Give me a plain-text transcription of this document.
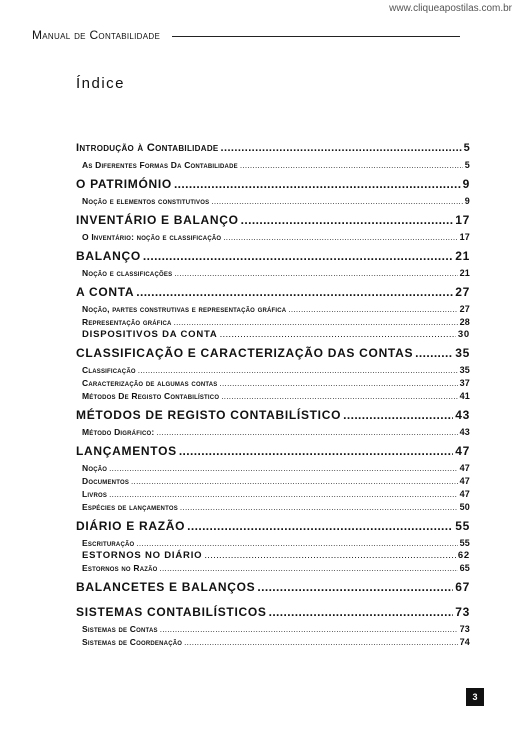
www.cliqueapostilas.com.br
Manual de Contabilidade
Índice
Introdução à Contabilidade .....	5
As Diferentes Formas Da Contabilidade .....	5
O PATRIMÓNIO .....	9
Noção e elementos constitutivos .....	9
INVENTÁRIO E BALANÇO .....	17
O Inventário: noção e classificação .....	17
BALANÇO .....	21
Noção e classificações .....	21
A CONTA .....	27
Noção, partes construtivas e representação gráfica .....	27
Representação gráfica .....	28
DISPOSITIVOS DA CONTA .....	30
CLASSIFICAÇÃO E CARACTERIZAÇÃO DAS CONTAS .....	35
Classificação .....	35
Caracterização de algumas contas .....	37
Métodos De Registo Contabilístico .....	41
MÉTODOS DE REGISTO CONTABILÍSTICO .....	43
Método Digráfico: .....	43
LANÇAMENTOS .....	47
Noção .....	47
Documentos .....	47
Livros .....	47
Espécies de lançamentos .....	50
DIÁRIO E RAZÃO .....	55
Escrituração .....	55
ESTORNOS NO DIÁRIO .....	62
Estornos no Razão .....	65
BALANCETES E BALANÇOS .....	67
SISTEMAS CONTABILÍSTICOS .....	73
Sistemas de Contas .....	73
Sistemas de Coordenação .....	74
3
